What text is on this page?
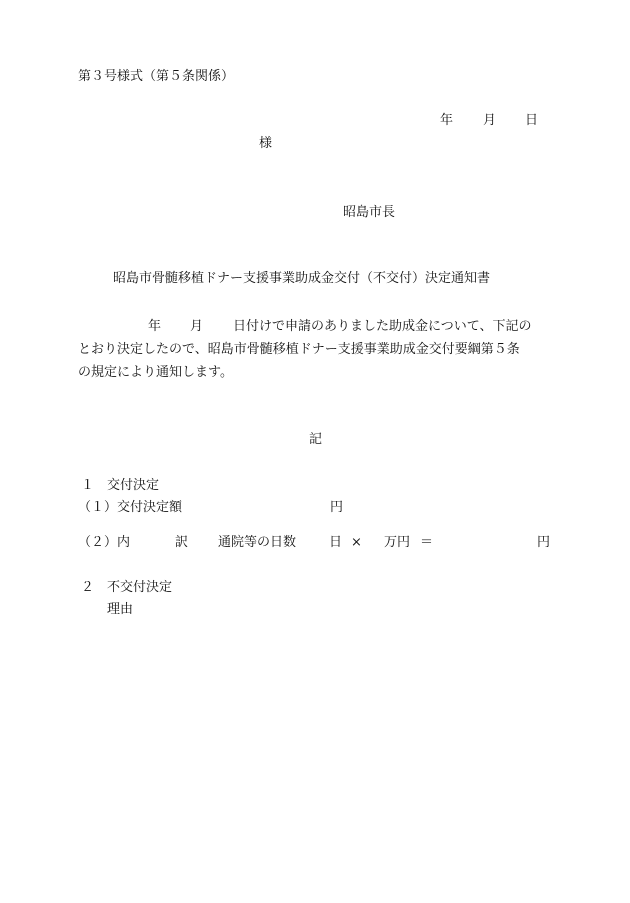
第３号様式（第５条関係）
年 月 日
様
昭島市長
昭島市骨髄移植ドナー支援事業助成金交付（不交付）決定通知書
年 月 日付けで申請のありました助成金について、下記の
とおり決定したので、昭島市骨髄移植ドナー支援事業助成金交付要綱第５条
の規定により通知します。
記
１　交付決定
（１）交付決定額	円
（２）内	訳 通院等の日数	日 × 万円 ＝	円
２　不交付決定
理由
